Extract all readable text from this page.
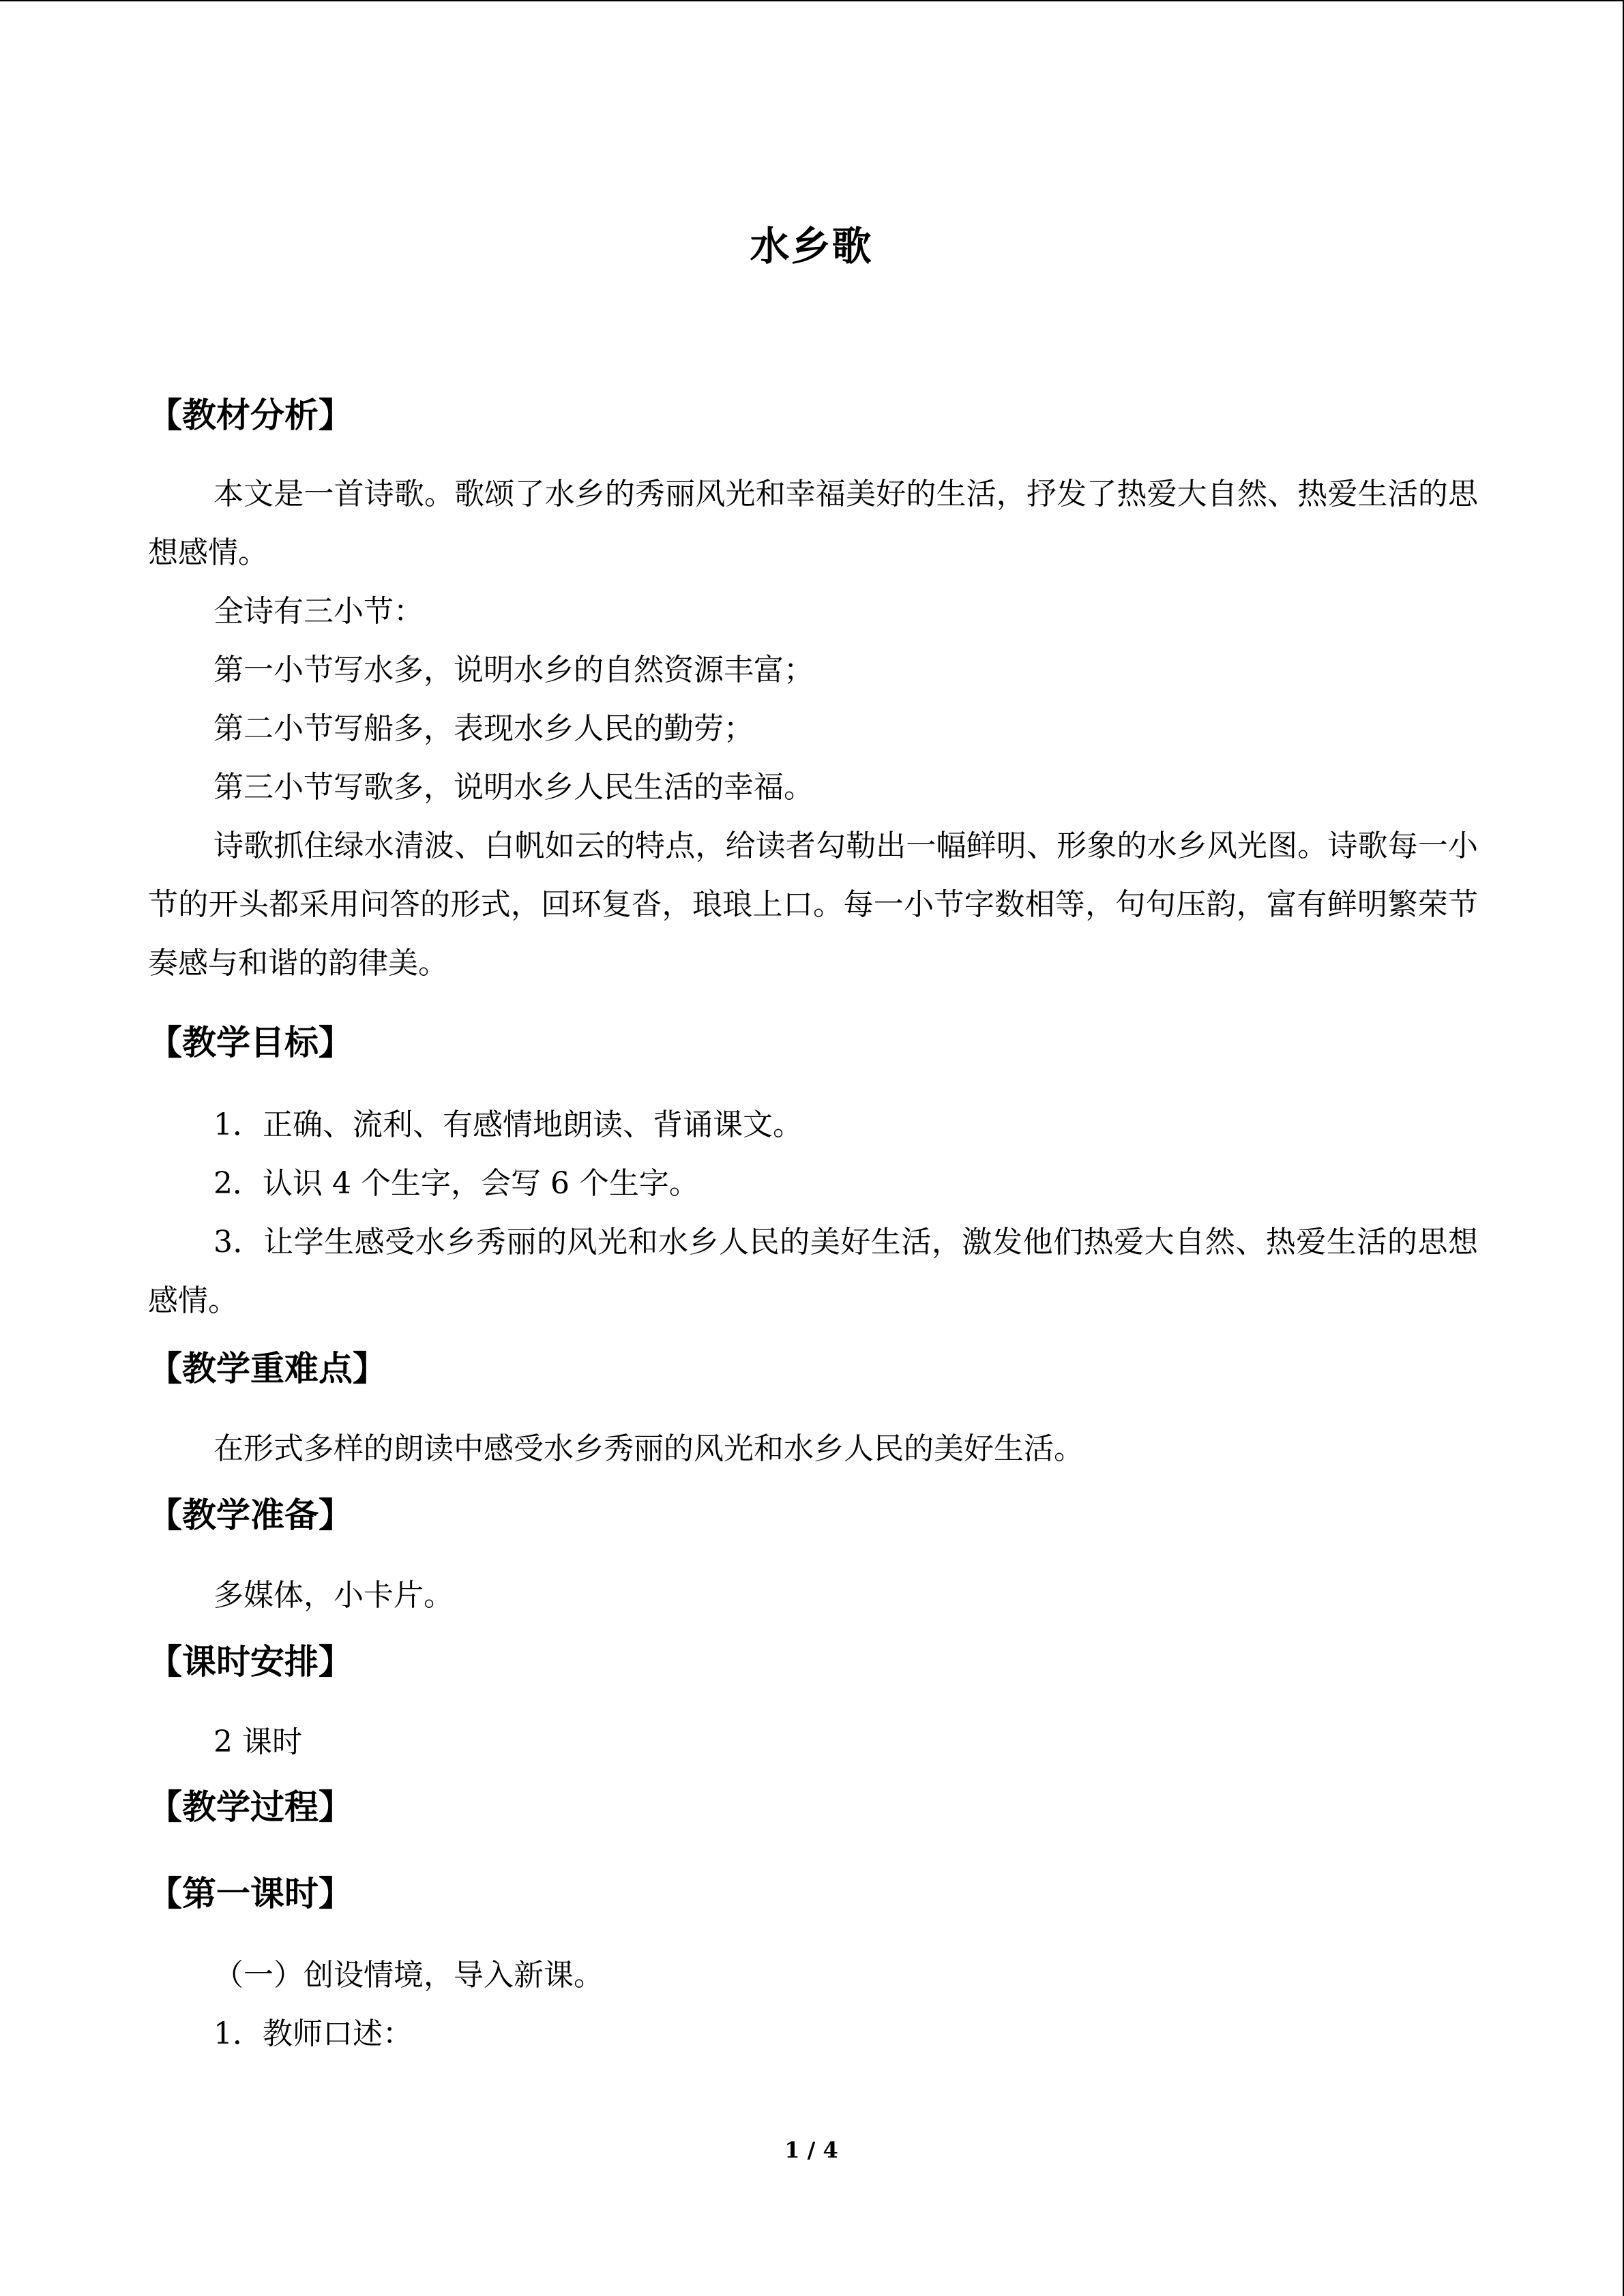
水乡歌
【教材分析】
本文是一首诗歌。歌颂了水乡的秀丽风光和幸福美好的生活，抒发了热爱大自然、热爱生活的思想感情。
全诗有三小节：
第一小节写水多，说明水乡的自然资源丰富；
第二小节写船多，表现水乡人民的勤劳；
第三小节写歌多，说明水乡人民生活的幸福。
诗歌抓住绿水清波、白帆如云的特点，给读者勾勒出一幅鲜明、形象的水乡风光图。诗歌每一小节的开头都采用问答的形式，回环复沓，琅琅上口。每一小节字数相等，句句压韵，富有鲜明繁荣节奏感与和谐的韵律美。
【教学目标】
1．正确、流利、有感情地朗读、背诵课文。
2．认识 4 个生字，会写 6 个生字。
3．让学生感受水乡秀丽的风光和水乡人民的美好生活，激发他们热爱大自然、热爱生活的思想感情。
【教学重难点】
在形式多样的朗读中感受水乡秀丽的风光和水乡人民的美好生活。
【教学准备】
多媒体，小卡片。
【课时安排】
2 课时
【教学过程】
【第一课时】
（一）创设情境，导入新课。
1．教师口述：
1 / 4
